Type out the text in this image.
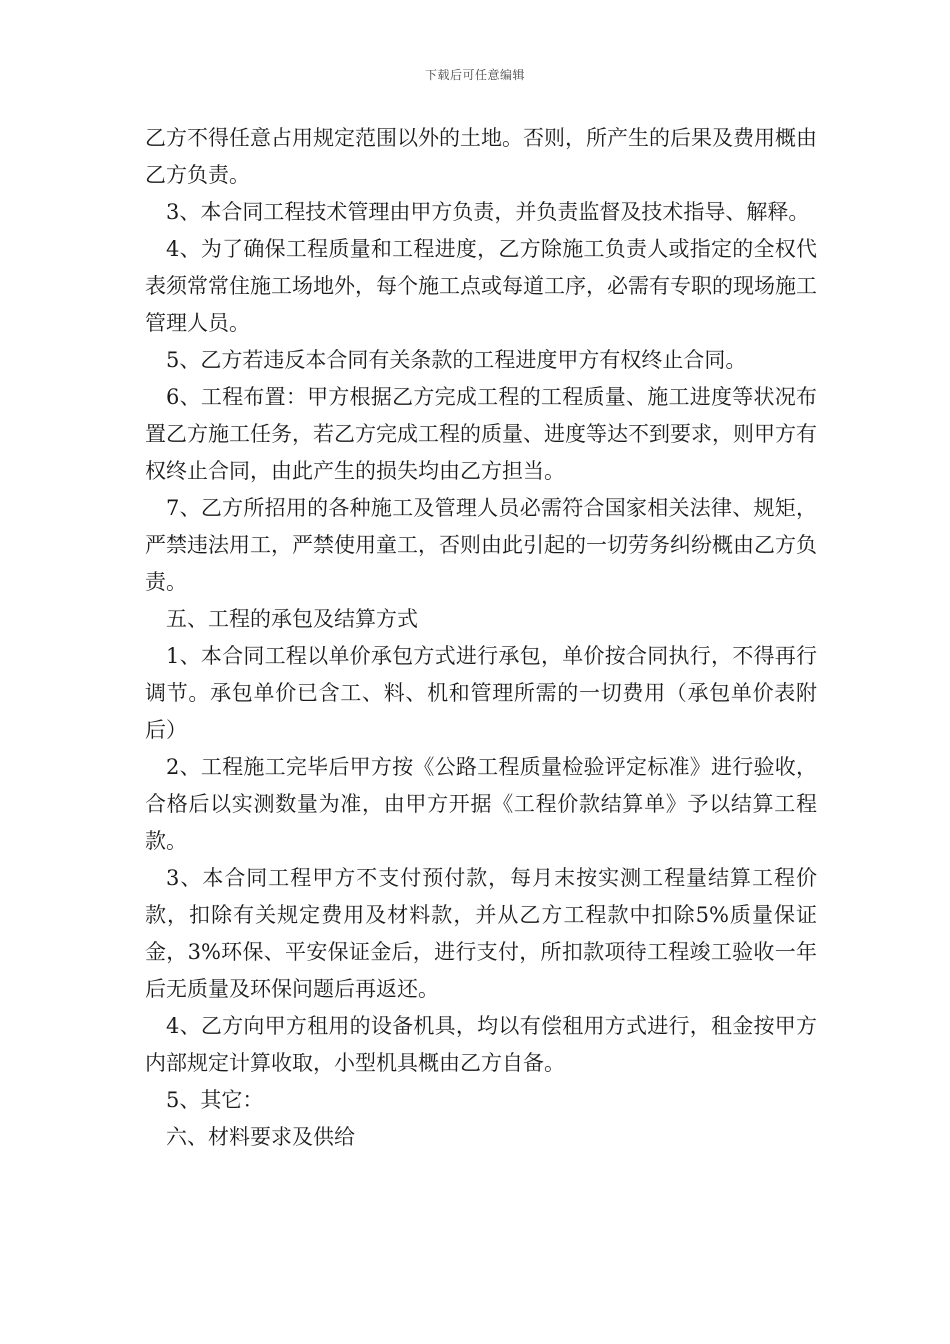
下载后可任意编辑

乙方不得任意占用规定范围以外的土地。否则，所产生的后果及费用概由乙方负责。

3、本合同工程技术管理由甲方负责，并负责监督及技术指导、解释。

4、为了确保工程质量和工程进度，乙方除施工负责人或指定的全权代表须常常住施工场地外，每个施工点或每道工序，必需有专职的现场施工管理人员。

5、乙方若违反本合同有关条款的工程进度甲方有权终止合同。

6、工程布置：甲方根据乙方完成工程的工程质量、施工进度等状况布置乙方施工任务，若乙方完成工程的质量、进度等达不到要求，则甲方有权终止合同，由此产生的损失均由乙方担当。

7、乙方所招用的各种施工及管理人员必需符合国家相关法律、规矩，严禁违法用工，严禁使用童工，否则由此引起的一切劳务纠纷概由乙方负责。

五、工程的承包及结算方式

1、本合同工程以单价承包方式进行承包，单价按合同执行，不得再行调节。承包单价已含工、料、机和管理所需的一切费用（承包单价表附后）

2、工程施工完毕后甲方按《公路工程质量检验评定标准》进行验收，合格后以实测数量为准，由甲方开据《工程价款结算单》予以结算工程款。

3、本合同工程甲方不支付预付款，每月末按实测工程量结算工程价款，扣除有关规定费用及材料款，并从乙方工程款中扣除5%质量保证金，3%环保、平安保证金后，进行支付，所扣款项待工程竣工验收一年后无质量及环保问题后再返还。

4、乙方向甲方租用的设备机具，均以有偿租用方式进行，租金按甲方内部规定计算收取，小型机具概由乙方自备。

5、其它：

六、材料要求及供给
